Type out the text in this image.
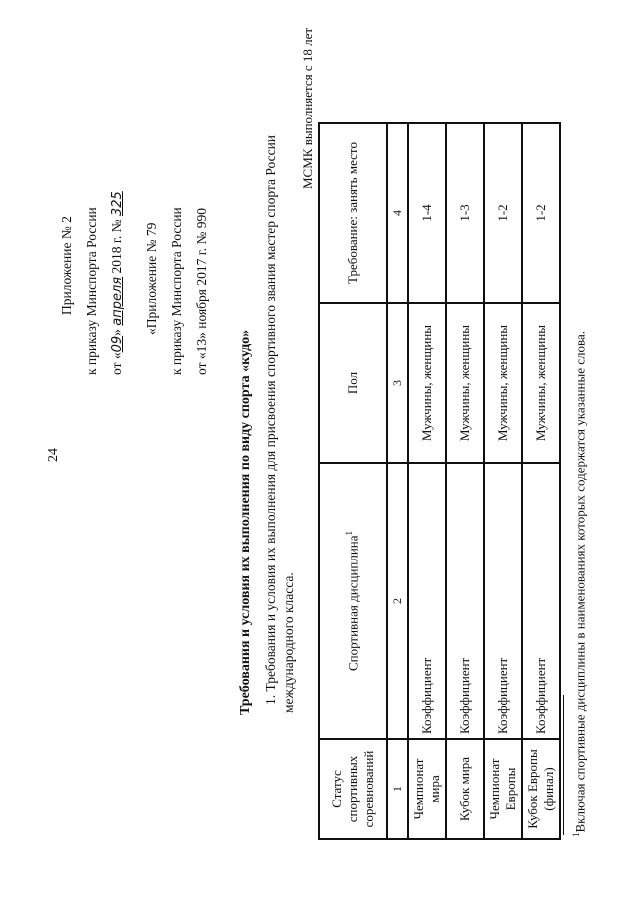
24
Приложение № 2 к приказу Минспорта России от «09» апреля 2018 г. № 325
«Приложение № 79 к приказу Минспорта России от «13» ноября 2017 г. № 990
Требования и условия их выполнения по виду спорта «кудо» 1. Требования и условия их выполнения для присвоения спортивного звания мастер спорта России международного класса.
МСМК выполняется с 18 лет
Статус спортивных соревнований	Спортивная дисциплина$^1$	Пол	Требование: занять место
1	2	3	4
Чемпионат мира	Коэффициент	Мужчины, женщины	1-4
Кубок мира	Коэффициент	Мужчины, женщины	1-3
Чемпионат Европы	Коэффициент	Мужчины, женщины	1-2
Кубок Европы (финал)	Коэффициент	Мужчины, женщины	1-2
$^1$Включая спортивные дисциплины в наименованиях которых содержатся указанные слова.
